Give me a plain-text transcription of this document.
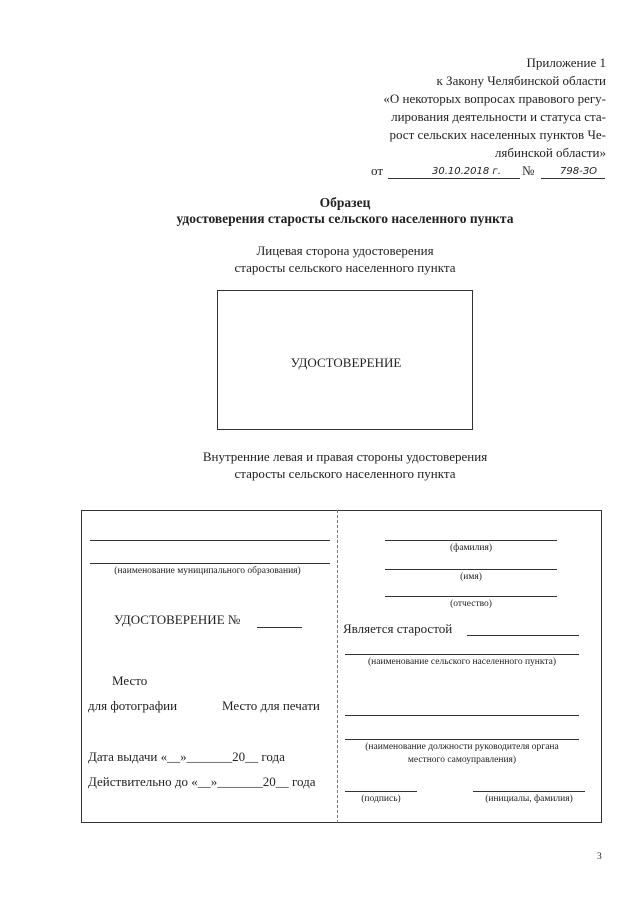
Приложение 1
к Закону Челябинской области
«О некоторых вопросах правового регу-
лирования деятельности и статуса ста-
рост сельских населенных пунктов Че-
лябинской области»
от	30.10.2018 г. №	798-ЗО
Образец
удостоверения старосты сельского населенного пункта
Лицевая сторона удостоверения
старосты сельского населенного пункта
УДОСТОВЕРЕНИЕ
Внутренние левая и правая стороны удостоверения
старосты сельского населенного пункта
(наименование муниципального образования)
УДОСТОВЕРЕНИЕ №
Место
для фотографии	Место для печати
Дата выдачи «__»_______20__ года
Действительно до «__»_______20__ года
(фамилия)
(имя)
(отчество)
Является старостой
(наименование сельского населенного пункта)
(наименование должности руководителя органа
местного самоуправления)
(подпись)	(инициалы, фамилия)
3
